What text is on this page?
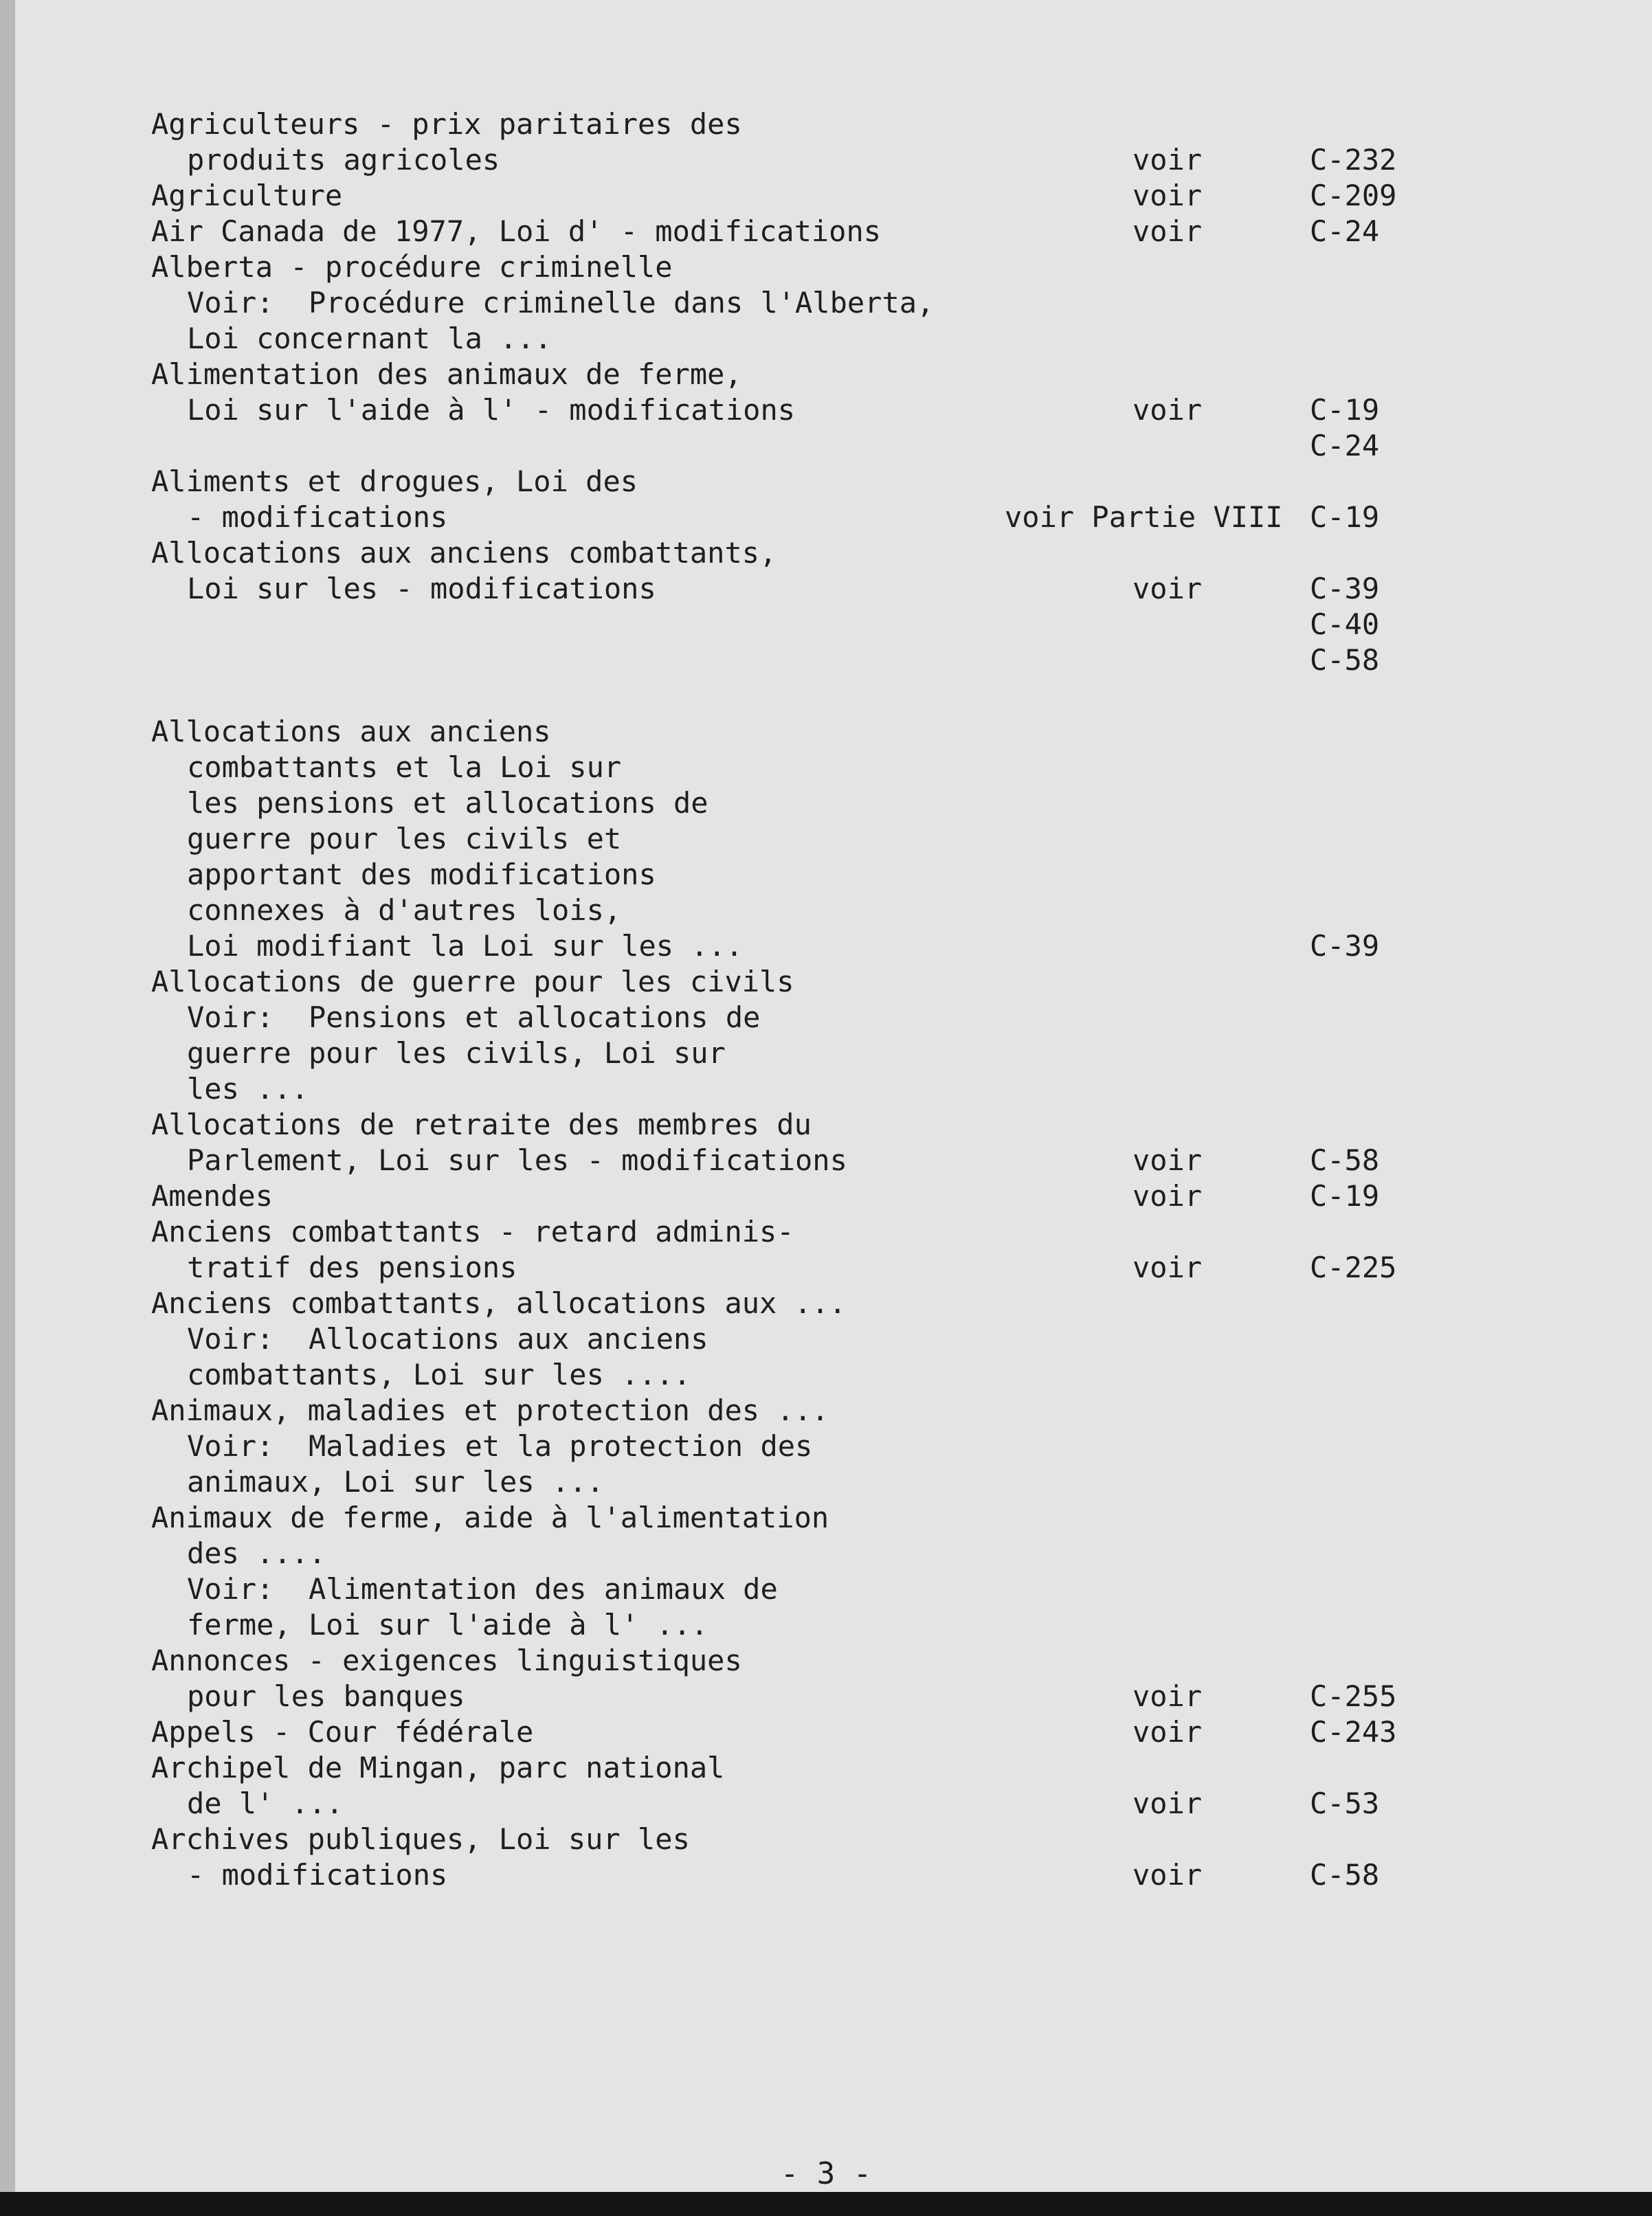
Agriculteurs - prix paritaires des
produits agricoles	voir	C-232
Agriculture	voir	C-209
Air Canada de 1977, Loi d' - modifications	voir	C-24
Alberta - procédure criminelle
Voir:  Procédure criminelle dans l'Alberta,
Loi concernant la ...
Alimentation des animaux de ferme,
Loi sur l'aide à l' - modifications	voir	C-19
C-24
Aliments et drogues, Loi des
- modifications	voir Partie VIII C-19
Allocations aux anciens combattants,
Loi sur les - modifications	voir	C-39
C-40
C-58
Allocations aux anciens
combattants et la Loi sur
les pensions et allocations de
guerre pour les civils et
apportant des modifications
connexes à d'autres lois,
Loi modifiant la Loi sur les ...	C-39
Allocations de guerre pour les civils
Voir:  Pensions et allocations de
guerre pour les civils, Loi sur
les ...
Allocations de retraite des membres du
Parlement, Loi sur les - modifications	voir	C-58
Amendes	voir	C-19
Anciens combattants - retard adminis-
tratif des pensions	voir	C-225
Anciens combattants, allocations aux ...
Voir:  Allocations aux anciens
combattants, Loi sur les ....
Animaux, maladies et protection des ...
Voir:  Maladies et la protection des
animaux, Loi sur les ...
Animaux de ferme, aide à l'alimentation
des ....
Voir:  Alimentation des animaux de
ferme, Loi sur l'aide à l' ...
Annonces - exigences linguistiques
pour les banques	voir	C-255
Appels - Cour fédérale	voir	C-243
Archipel de Mingan, parc national
de l' ...	voir	C-53
Archives publiques, Loi sur les
- modifications	voir	C-58
- 3 -
